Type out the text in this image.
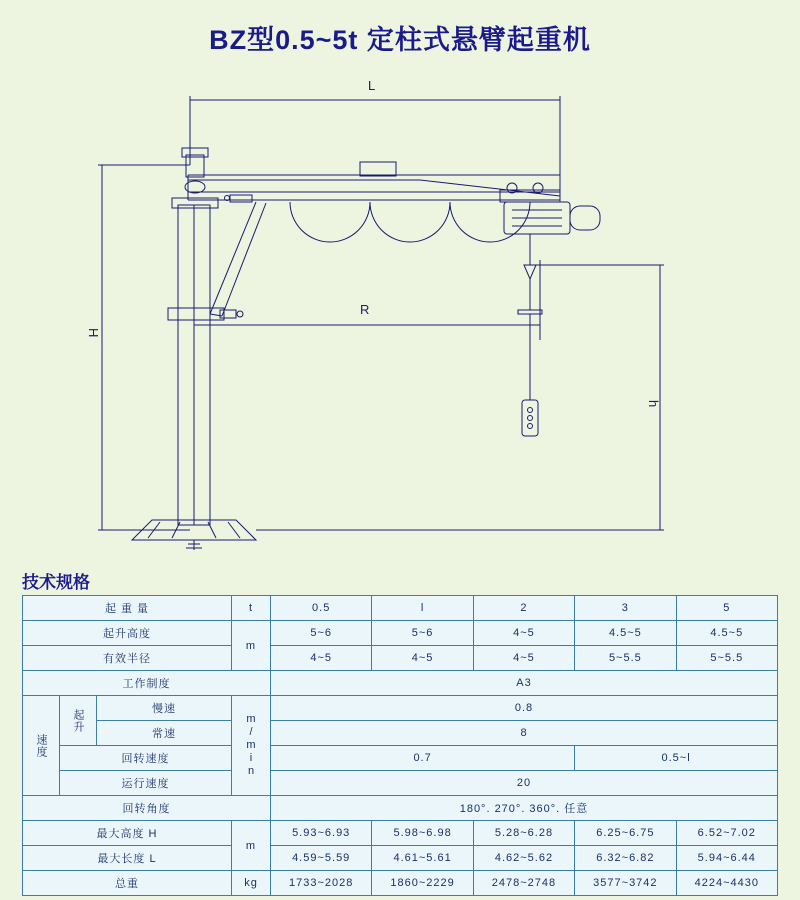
BZ型0.5~5t 定柱式悬臂起重机
L
R
H
h
技术规格
起 重 量			t	0.5	l	2	3	5
起升高度			m	5~6	5~6	4~5	4.5~5	4.5~5
有效半径				4~5	4~5	4~5	5~5.5	5~5.5
工作制度				A3				
速度	起升	慢速	m/min	0.8				
		常速		8				
	回转速度			0.7			0.5~l	
	运行速度			20				
回转角度				180°. 270°. 360°. 任意				
最大高度 H			m	5.93~6.93	5.98~6.98	5.28~6.28	6.25~6.75	6.52~7.02
最大长度 L				4.59~5.59	4.61~5.61	4.62~5.62	6.32~6.82	5.94~6.44
总重			kg	1733~2028	1860~2229	2478~2748	3577~3742	4224~4430
